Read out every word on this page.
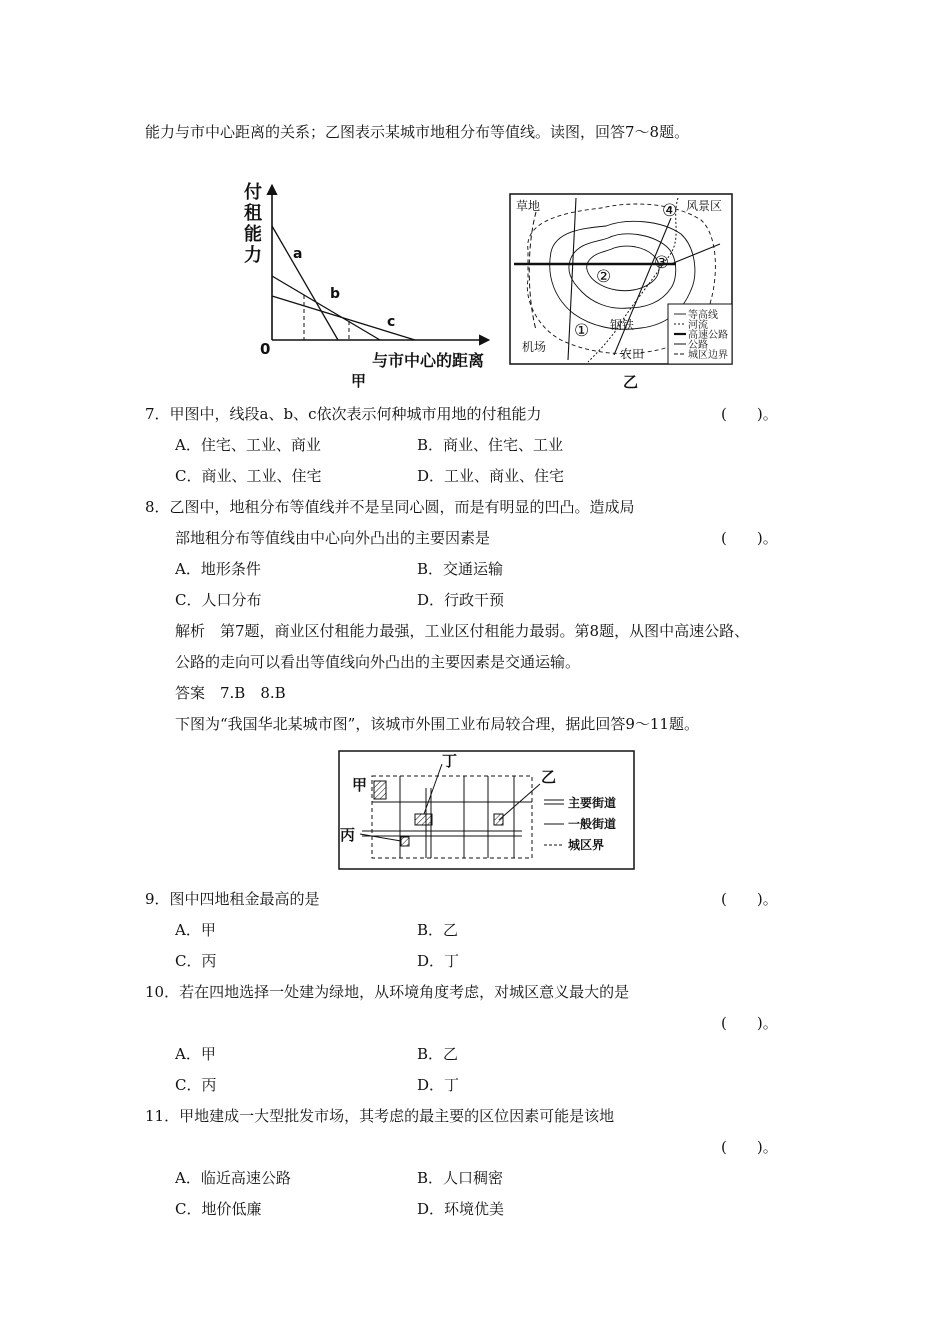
能力与市中心距离的关系；乙图表示某城市地租分布等值线。读图，回答7～8题。
付
租
能
力
0
与市中心的距离
a
b
c
甲
等高线
河流
高速公路
公路
城区边界
草地	④ 风景区
③
②
① 钢铁
机场	农田
乙
7．甲图中，线段a、b、c依次表示何种城市用地的付租能力	(　　)。
A．住宅、工业、商业	B．商业、住宅、工业
C．商业、工业、住宅	D．工业、商业、住宅
8．乙图中，地租分布等值线并不是呈同心圆，而是有明显的凹凸。造成局
部地租分布等值线由中心向外凸出的主要因素是	(　　)。
A．地形条件	B．交通运输
C．人口分布	D．行政干预
解析　第7题，商业区付租能力最强，工业区付租能力最弱。第8题，从图中高速公路、
公路的走向可以看出等值线向外凸出的主要因素是交通运输。
答案　7.B　8.B
下图为“我国华北某城市图”，该城市外围工业布局较合理，据此回答9～11题。
甲
丁
乙
丙
主要街道
一般街道
城区界
9．图中四地租金最高的是	(　　)。
A．甲	B．乙
C．丙	D．丁
10．若在四地选择一处建为绿地，从环境角度考虑，对城区意义最大的是
(　　)。
A．甲	B．乙
C．丙	D．丁
11．甲地建成一大型批发市场，其考虑的最主要的区位因素可能是该地
(　　)。
A．临近高速公路	B．人口稠密
C．地价低廉	D．环境优美
